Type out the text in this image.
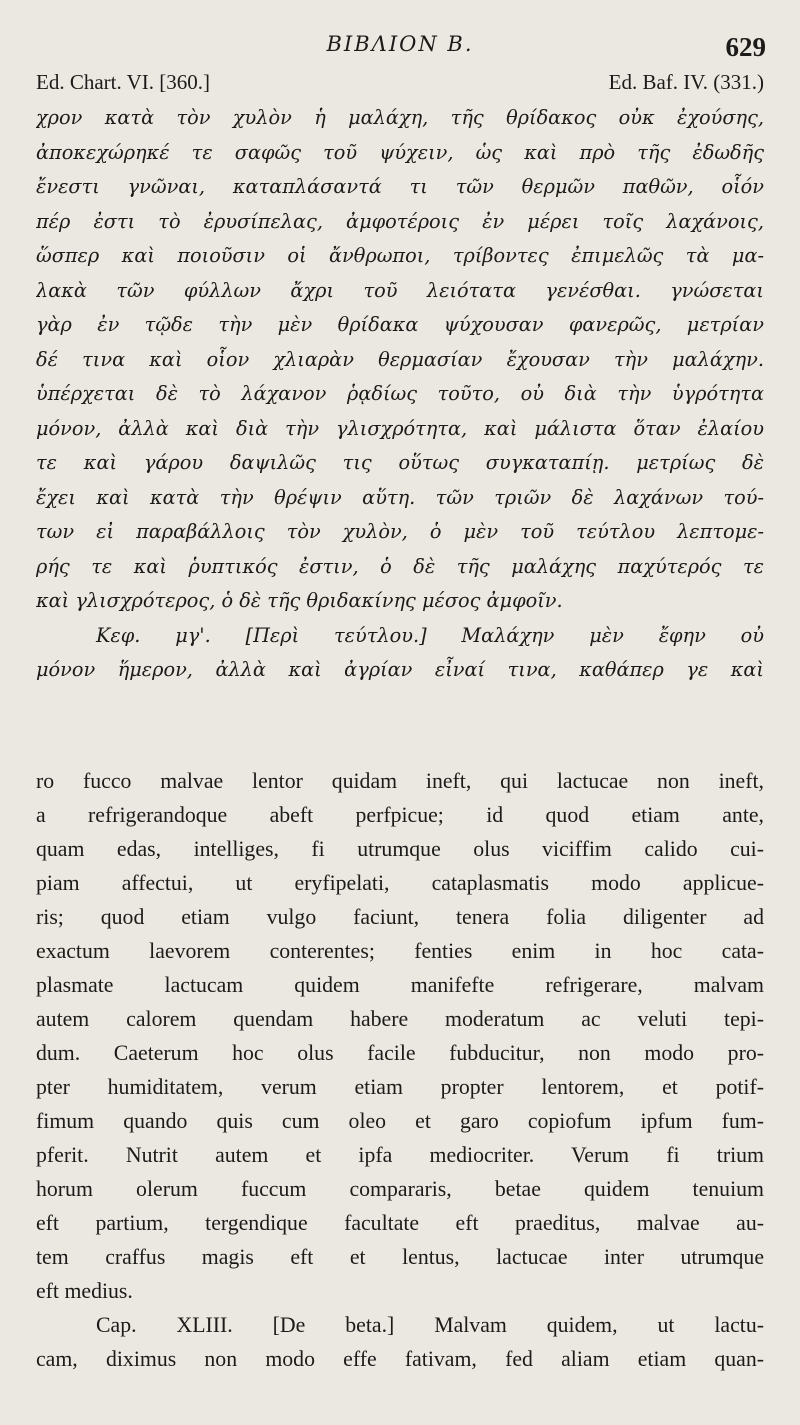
ΒΙΒΛΙΟΝ Β.	629
Ed. Chart. VI. [360.]	Ed. Baf. IV. (331.)
χρον κατὰ τὸν χυλὸν ἡ μαλάχη, τῆς θρίδακος οὐκ ἐχούσης,
ἀποκεχώρηκέ τε σαφῶς τοῦ ψύχειν, ὡς καὶ πρὸ τῆς ἐδωδῆς
ἔνεστι γνῶναι, καταπλάσαντά τι τῶν θερμῶν παθῶν, οἷόν
πέρ ἐστι τὸ ἐρυσίπελας, ἀμφοτέροις ἐν μέρει τοῖς λαχάνοις,
ὥσπερ καὶ ποιοῦσιν οἱ ἄνθρωποι, τρίβοντες ἐπιμελῶς τὰ μα-
λακὰ τῶν φύλλων ἄχρι τοῦ λειότατα γενέσθαι. γνώσεται
γὰρ ἐν τῷδε τὴν μὲν θρίδακα ψύχουσαν φανερῶς, μετρίαν
δέ τινα καὶ οἷον χλιαρὰν θερμασίαν ἔχουσαν τὴν μαλάχην.
ὑπέρχεται δὲ τὸ λάχανον ῥᾳδίως τοῦτο, οὐ διὰ τὴν ὑγρότητα
μόνον, ἀλλὰ καὶ διὰ τὴν γλισχρότητα, καὶ μάλιστα ὅταν ἐλαίου
τε καὶ γάρου δαψιλῶς τις οὕτως συγκαταπίῃ. μετρίως δὲ
ἔχει καὶ κατὰ τὴν θρέψιν αὕτη. τῶν τριῶν δὲ λαχάνων τού-
των εἰ παραβάλλοις τὸν χυλὸν, ὁ μὲν τοῦ τεύτλου λεπτομε-
ρής τε καὶ ῥυπτικός ἐστιν, ὁ δὲ τῆς μαλάχης παχύτερός τε
καὶ γλισχρότερος, ὁ δὲ τῆς θριδακίνης μέσος ἀμφοῖν.
Κεφ. μγ'. [Περὶ τεύτλου.] Μαλάχην μὲν ἔφην οὐ
μόνον ἥμερον, ἀλλὰ καὶ ἀγρίαν εἶναί τινα, καθάπερ γε καὶ
ro fucco malvae lentor quidam ineft, qui lactucae non ineft,
a refrigerandoque abeft perfpicue; id quod etiam ante,
quam edas, intelliges, fi utrumque olus viciffim calido cui-
piam affectui, ut eryfipelati, cataplasmatis modo applicue-
ris; quod etiam vulgo faciunt, tenera folia diligenter ad
exactum laevorem conterentes; fenties enim in hoc cata-
plasmate lactucam quidem manifefte refrigerare, malvam
autem calorem quendam habere moderatum ac veluti tepi-
dum. Caeterum hoc olus facile fubducitur, non modo pro-
pter humiditatem, verum etiam propter lentorem, et potif-
fimum quando quis cum oleo et garo copiofum ipfum fum-
pferit. Nutrit autem et ipfa mediocriter. Verum fi trium
horum olerum fuccum compararis, betae quidem tenuium
eft partium, tergendique facultate eft praeditus, malvae au-
tem craffus magis eft et lentus, lactucae inter utrumque
eft medius.
Cap. XLIII. [De beta.] Malvam quidem, ut lactu-
cam, diximus non modo effe fativam, fed aliam etiam quan-
